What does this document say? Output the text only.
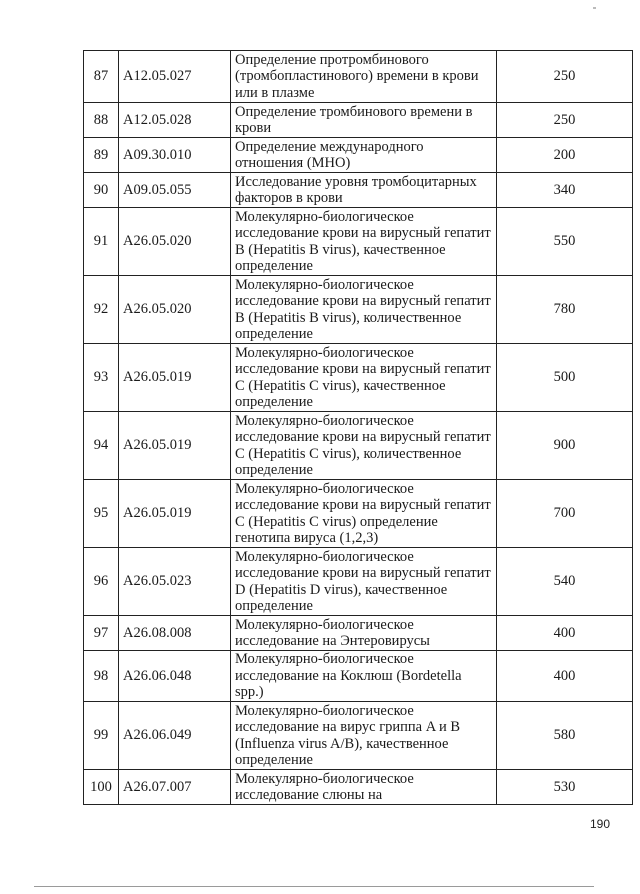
87	A12.05.027	Определение протромбинового (тромбопластинового) времени в крови или в плазме	250
88	A12.05.028	Определение тромбинового времени в крови	250
89	A09.30.010	Определение международного отношения (МНО)	200
90	A09.05.055	Исследование уровня тромбоцитарных факторов в крови	340
91	A26.05.020	Молекулярно-биологическое исследование крови на вирусный гепатит B (Hepatitis B virus), качественное определение	550
92	A26.05.020	Молекулярно-биологическое исследование крови на вирусный гепатит B (Hepatitis B virus), количественное определение	780
93	A26.05.019	Молекулярно-биологическое исследование крови на вирусный гепатит C (Hepatitis C virus), качественное определение	500
94	A26.05.019	Молекулярно-биологическое исследование крови на вирусный гепатит C (Hepatitis C virus), количественное определение	900
95	A26.05.019	Молекулярно-биологическое исследование крови на вирусный гепатит C (Hepatitis C virus) определение генотипа вируса (1,2,3)	700
96	A26.05.023	Молекулярно-биологическое исследование крови на вирусный гепатит D (Hepatitis D virus), качественное определение	540
97	A26.08.008	Молекулярно-биологическое исследование на Энтеровирусы	400
98	A26.06.048	Молекулярно-биологическое исследование на Коклюш (Bordetella spp.)	400
99	A26.06.049	Молекулярно-биологическое исследование на вирус гриппа A и B (Influenza virus A/B), качественное определение	580
100	A26.07.007	Молекулярно-биологическое исследование слюны на	530
190
